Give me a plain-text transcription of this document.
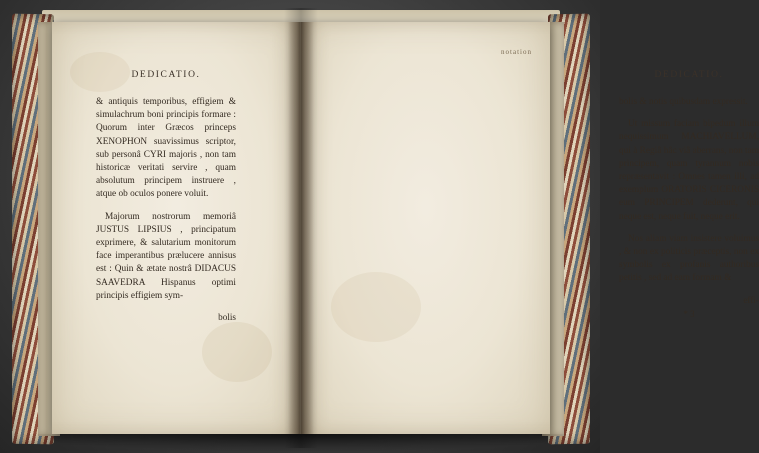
DEDICATIO.

& antiquis temporibus, effigiem & simulachrum boni principis formare : Quorum inter Græcos princeps XENOPHON suavissimus scriptor, sub personâ CYRI majoris , non tam historicæ veritati servire , quam absolutum principem instruere , atque ob oculos ponere voluit.

Majorum nostrorum memoriâ JUSTUS LIPSIUS , principatum exprimere, & salutarium monitorum face imperantibus prælucere annisus est : Quin & ætate nostrâ DIDACUS SAAVEDRA Hispanus optimi principis effigiem sym-

bolis
notation
DEDICATIO.

bolis & notis quibusdam expressit.

Ut missum faciam bipedum illum nequissimum MACHIAVELLUM, qui à Regiâ hâc viâ aberrans, non tam principem, quam tyrannum nobis repræsentavit : Omnes tamen illi, ad exemplum ORATORIS CICERONIS eum PRINCIPEM dederunt, qui neque est, neque fuit, neque erit.

Nos aliam viam insistere voluimus , & non ex politicis præceptis, non ex symbolis ex profanis authoribus petitis , sed ad eam formam &

effi-
* 3
